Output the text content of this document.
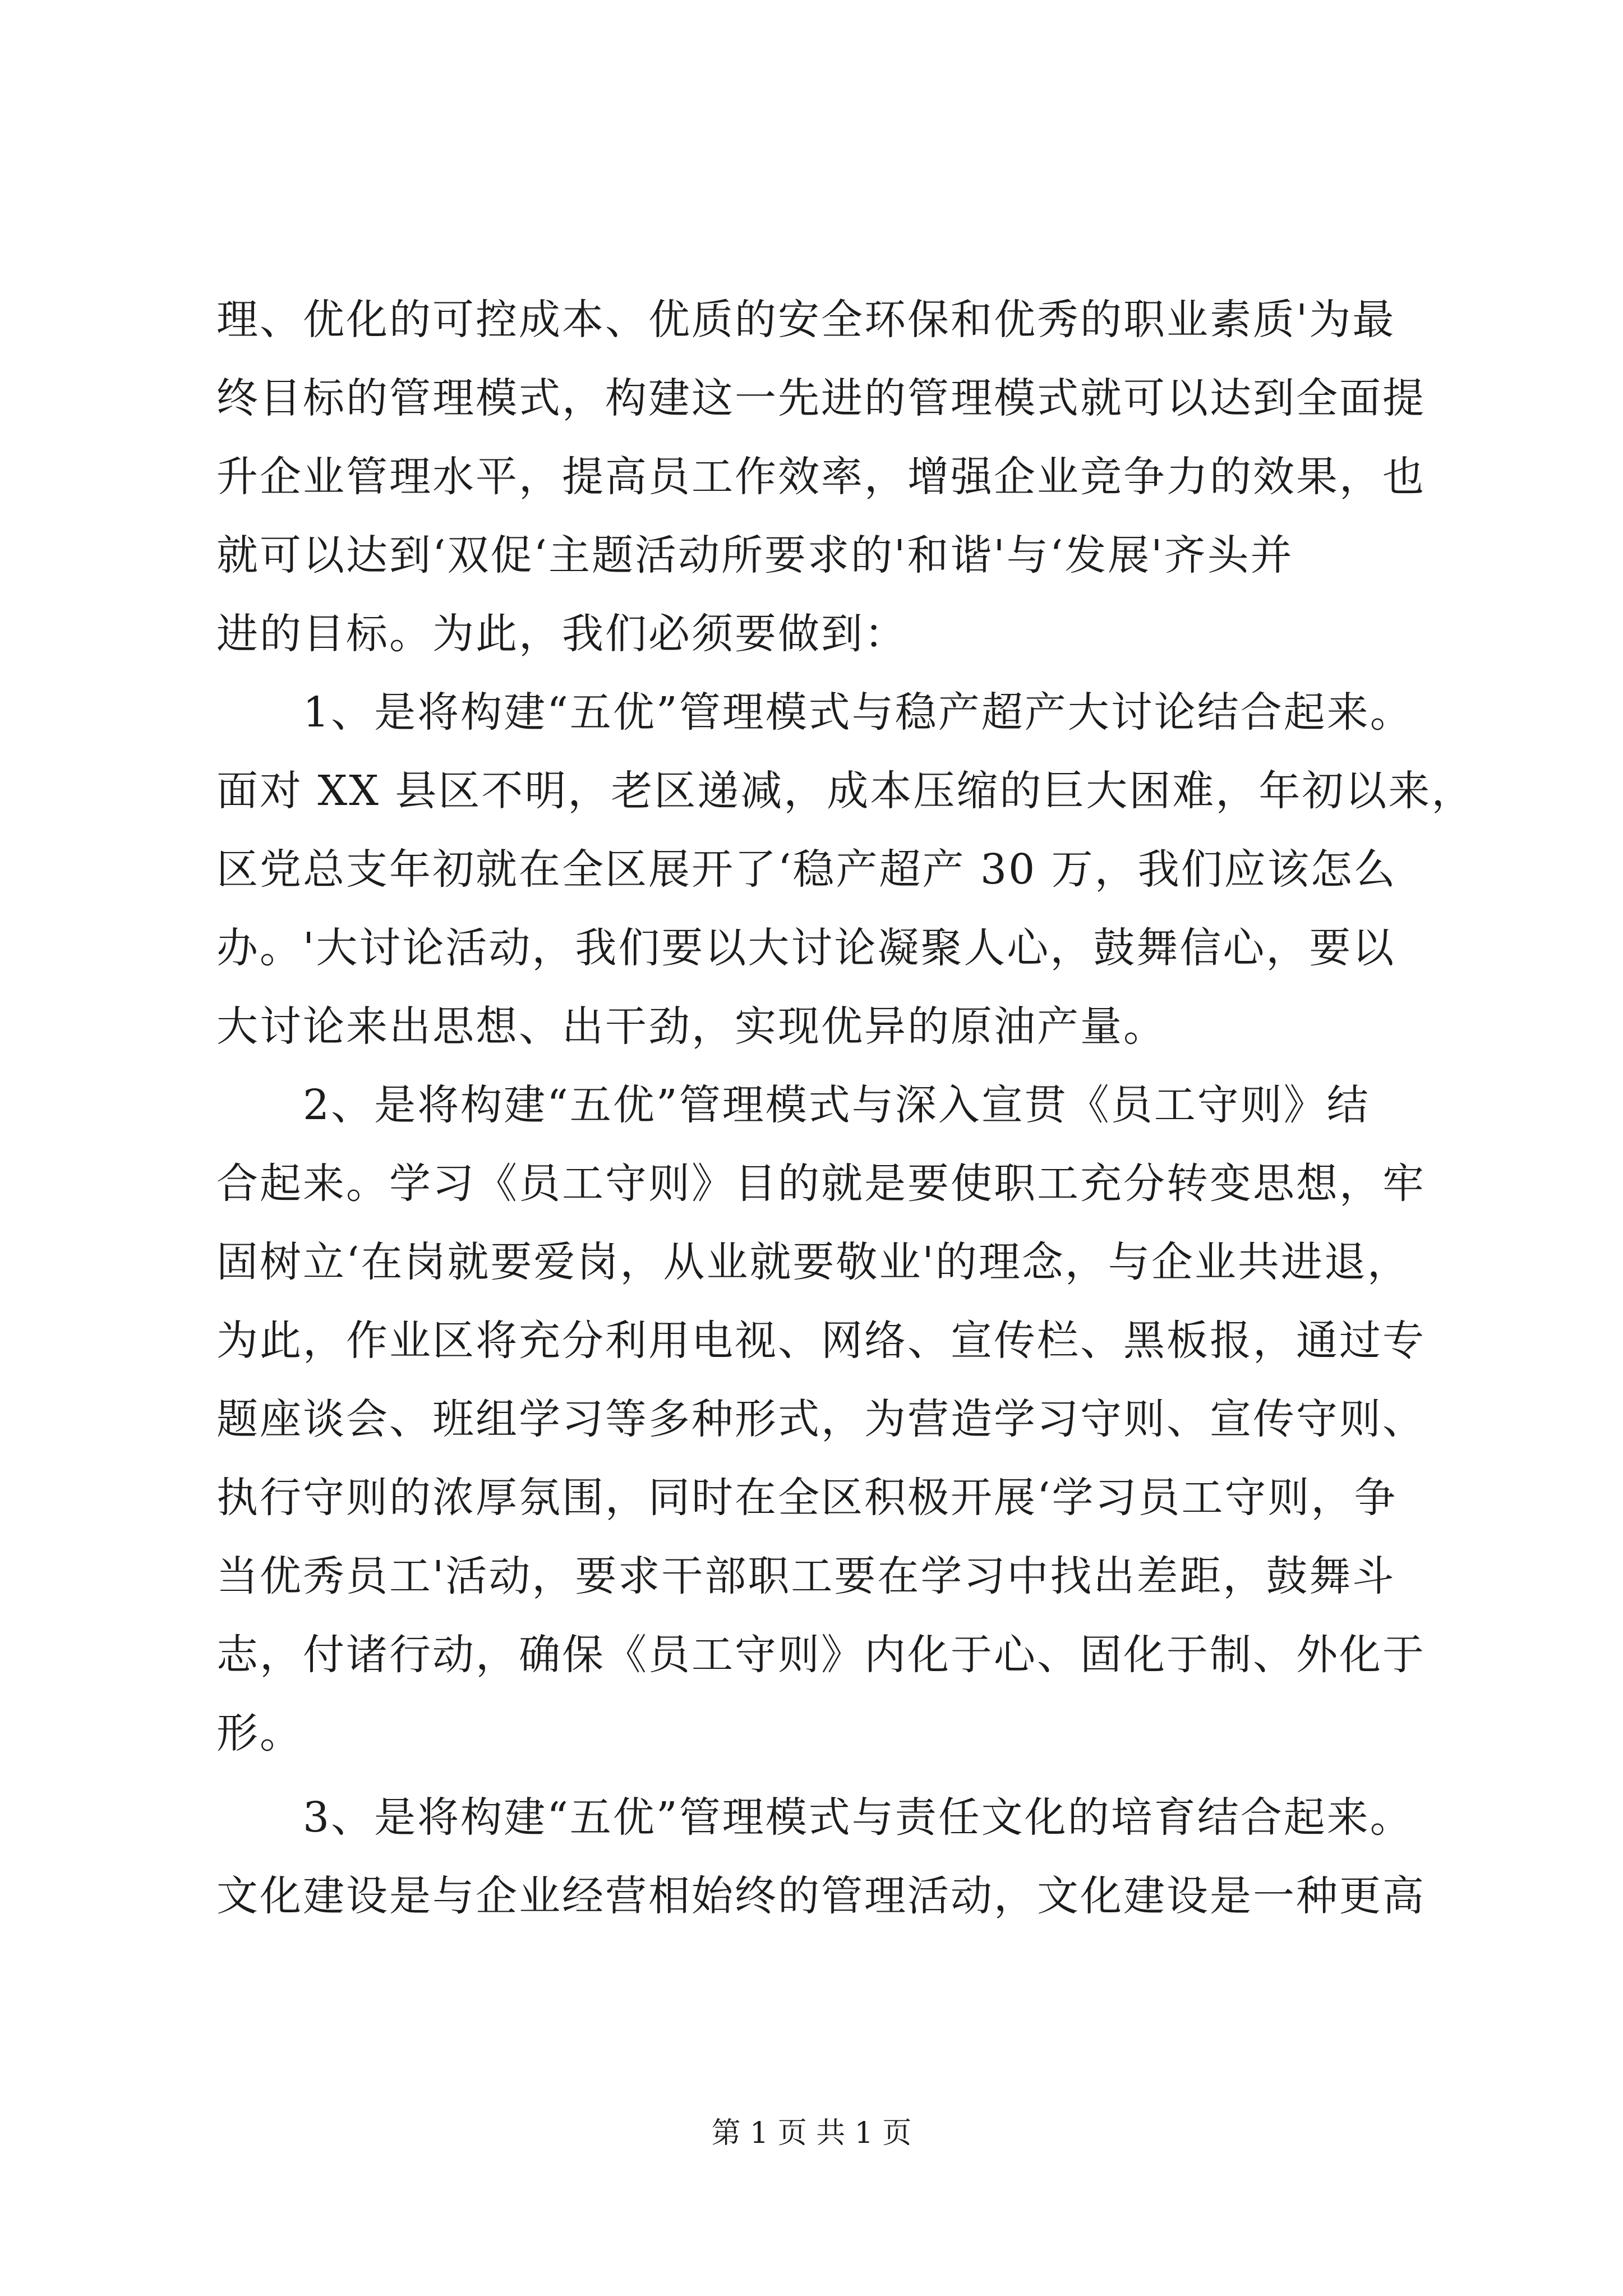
理、优化的可控成本、优质的安全环保和优秀的职业素质'为最
终目标的管理模式，构建这一先进的管理模式就可以达到全面提
升企业管理水平，提高员工作效率，增强企业竞争力的效果，也
就可以达到‘双促‘主题活动所要求的'和谐'与‘发展'齐头并
进的目标。为此，我们必须要做到：
　　1、是将构建“五优”管理模式与稳产超产大讨论结合起来。
面对 XX 县区不明，老区递减，成本压缩的巨大困难，年初以来，
区党总支年初就在全区展开了‘稳产超产 30 万，我们应该怎么
办。'大讨论活动，我们要以大讨论凝聚人心，鼓舞信心，要以
大讨论来出思想、出干劲，实现优异的原油产量。
　　2、是将构建“五优”管理模式与深入宣贯《员工守则》结
合起来。学习《员工守则》目的就是要使职工充分转变思想，牢
固树立‘在岗就要爱岗，从业就要敬业'的理念，与企业共进退，
为此，作业区将充分利用电视、网络、宣传栏、黑板报，通过专
题座谈会、班组学习等多种形式，为营造学习守则、宣传守则、
执行守则的浓厚氛围，同时在全区积极开展‘学习员工守则，争
当优秀员工'活动，要求干部职工要在学习中找出差距，鼓舞斗
志，付诸行动，确保《员工守则》内化于心、固化于制、外化于
形。
　　3、是将构建“五优”管理模式与责任文化的培育结合起来。
文化建设是与企业经营相始终的管理活动，文化建设是一种更高
第 1 页 共 1 页
